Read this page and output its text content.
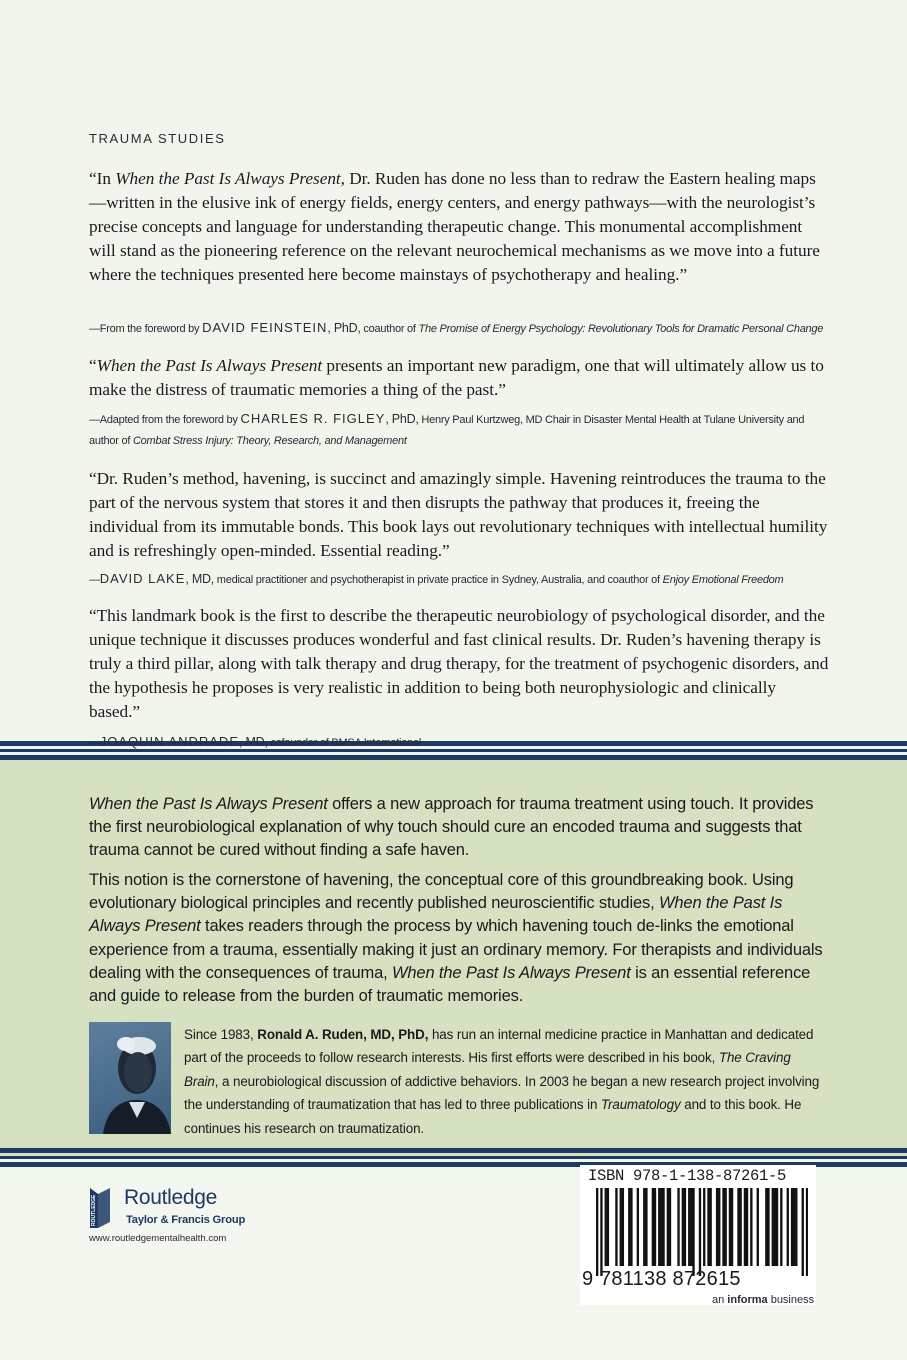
TRAUMA STUDIES
“In When the Past Is Always Present, Dr. Ruden has done no less than to redraw the Eastern healing maps—written in the elusive ink of energy fields, energy centers, and energy pathways—with the neurologist’s precise concepts and language for understanding therapeutic change. This monumental accomplishment will stand as the pioneering reference on the relevant neurochemical mechanisms as we move into a future where the techniques presented here become mainstays of psychotherapy and healing.”
—From the foreword by DAVID FEINSTEIN, PhD, coauthor of The Promise of Energy Psychology: Revolutionary Tools for Dramatic Personal Change
“When the Past Is Always Present presents an important new paradigm, one that will ultimately allow us to make the distress of traumatic memories a thing of the past.”
—Adapted from the foreword by CHARLES R. FIGLEY, PhD, Henry Paul Kurtzweg, MD Chair in Disaster Mental Health at Tulane University and author of Combat Stress Injury: Theory, Research, and Management
“Dr. Ruden’s method, havening, is succinct and amazingly simple. Havening reintroduces the trauma to the part of the nervous system that stores it and then disrupts the pathway that produces it, freeing the individual from its immutable bonds. This book lays out revolutionary techniques with intellectual humility and is refreshingly open-minded. Essential reading.”
—DAVID LAKE, MD, medical practitioner and psychotherapist in private practice in Sydney, Australia, and coauthor of Enjoy Emotional Freedom
“This landmark book is the first to describe the therapeutic neurobiology of psychological disorder, and the unique technique it discusses produces wonderful and fast clinical results. Dr. Ruden’s havening therapy is truly a third pillar, along with talk therapy and drug therapy, for the treatment of psychogenic disorders, and the hypothesis he proposes is very realistic in addition to being both neurophysiologic and clinically based.”
—JOAQUIN ANDRADE, MD, cofounder of BMSA International
When the Past Is Always Present offers a new approach for trauma treatment using touch. It provides the first neurobiological explanation of why touch should cure an encoded trauma and suggests that trauma cannot be cured without finding a safe haven.
This notion is the cornerstone of havening, the conceptual core of this groundbreaking book. Using evolutionary biological principles and recently published neuroscientific studies, When the Past Is Always Present takes readers through the process by which havening touch de-links the emotional experience from a trauma, essentially making it just an ordinary memory. For therapists and individuals dealing with the consequences of trauma, When the Past Is Always Present is an essential reference and guide to release from the burden of traumatic memories.
Since 1983, Ronald A. Ruden, MD, PhD, has run an internal medicine practice in Manhattan and dedicated part of the proceeds to follow research interests. His first efforts were described in his book, The Craving Brain, a neurobiological discussion of addictive behaviors. In 2003 he began a new research project involving the understanding of traumatization that has led to three publications in Traumatology and to this book. He continues his research on traumatization.
ROUTLEDGE Routledge
Taylor & Francis Group
www.routledgementalhealth.com
ISBN 978-1-138-87261-5
9 781138 872615
an informa business
